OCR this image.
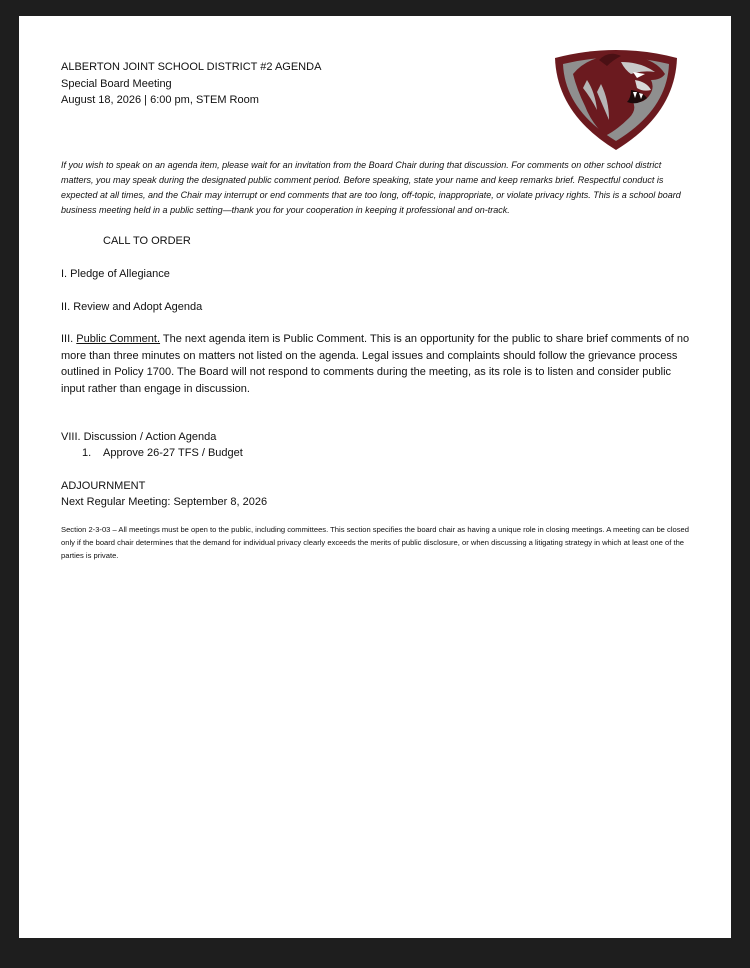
ALBERTON JOINT SCHOOL DISTRICT #2 AGENDA
Special Board Meeting
August 18, 2026 | 6:00 pm, STEM Room
If you wish to speak on an agenda item, please wait for an invitation from the Board Chair during that discussion. For comments on other school district matters, you may speak during the designated public comment period. Before speaking, state your name and keep remarks brief. Respectful conduct is expected at all times, and the Chair may interrupt or end comments that are too long, off-topic, inappropriate, or violate privacy rights. This is a school board business meeting held in a public setting—thank you for your cooperation in keeping it professional and on-track.
CALL TO ORDER
I. Pledge of Allegiance
II. Review and Adopt Agenda
III. Public Comment. The next agenda item is Public Comment. This is an opportunity for the public to share brief comments of no more than three minutes on matters not listed on the agenda. Legal issues and complaints should follow the grievance process outlined in Policy 1700. The Board will not respond to comments during the meeting, as its role is to listen and consider public input rather than engage in discussion.
VIII. Discussion / Action Agenda
1. Approve 26-27 TFS / Budget
ADJOURNMENT
Next Regular Meeting: September 8, 2026
Section 2-3-03 – All meetings must be open to the public, including committees. This section specifies the board chair as having a unique role in closing meetings. A meeting can be closed only if the board chair determines that the demand for individual privacy clearly exceeds the merits of public disclosure, or when discussing a litigating strategy in which at least one of the parties is private.
